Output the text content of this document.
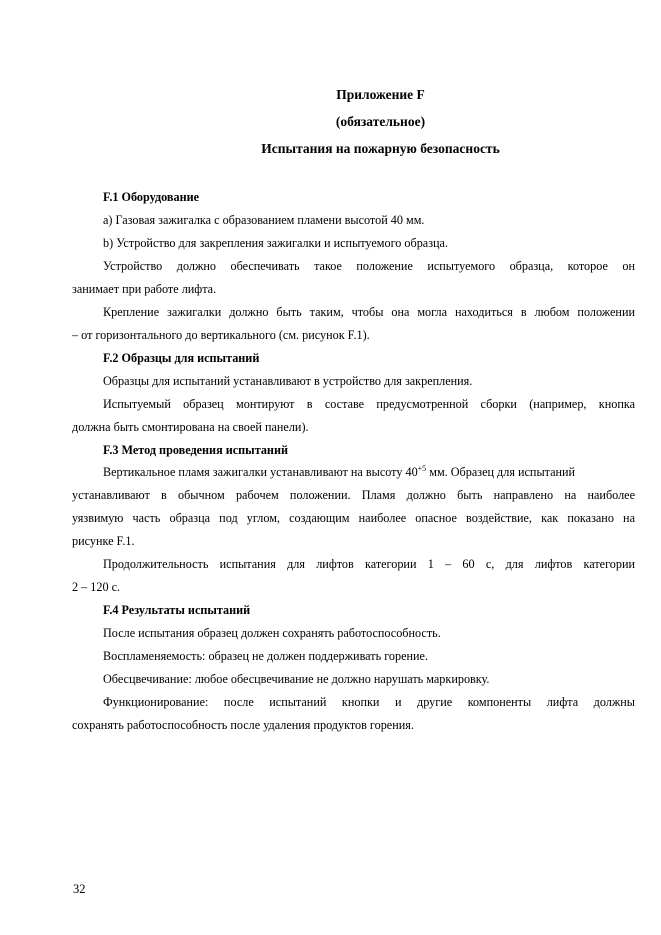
Приложение F
(обязательное)
Испытания на пожарную безопасность
F.1 Оборудование
a) Газовая зажигалка с образованием пламени высотой 40 мм.
b) Устройство для закрепления зажигалки и испытуемого образца.
Устройство должно обеспечивать такое положение испытуемого образца, которое он
занимает при работе лифта.
Крепление зажигалки должно быть таким, чтобы она могла находиться в любом положении
– от горизонтального до вертикального (см. рисунок F.1).
F.2 Образцы для испытаний
Образцы для испытаний устанавливают в устройство для закрепления.
Испытуемый образец монтируют в составе предусмотренной сборки (например, кнопка
должна быть смонтирована на своей панели).
F.3 Метод проведения испытаний
Вертикальное пламя зажигалки устанавливают на высоту $40^{+5}$ мм. Образец для испытаний
устанавливают в обычном рабочем положении. Пламя должно быть направлено на наиболее
уязвимую часть образца под углом, создающим наиболее опасное воздействие, как показано на
рисунке F.1.
Продолжительность испытания для лифтов категории 1 – 60 с, для лифтов категории
2 – 120 с.
F.4 Результаты испытаний
После испытания образец должен сохранять работоспособность.
Воспламеняемость: образец не должен поддерживать горение.
Обесцвечивание: любое обесцвечивание не должно нарушать маркировку.
Функционирование: после испытаний кнопки и другие компоненты лифта должны
сохранять работоспособность после удаления продуктов горения.
32
